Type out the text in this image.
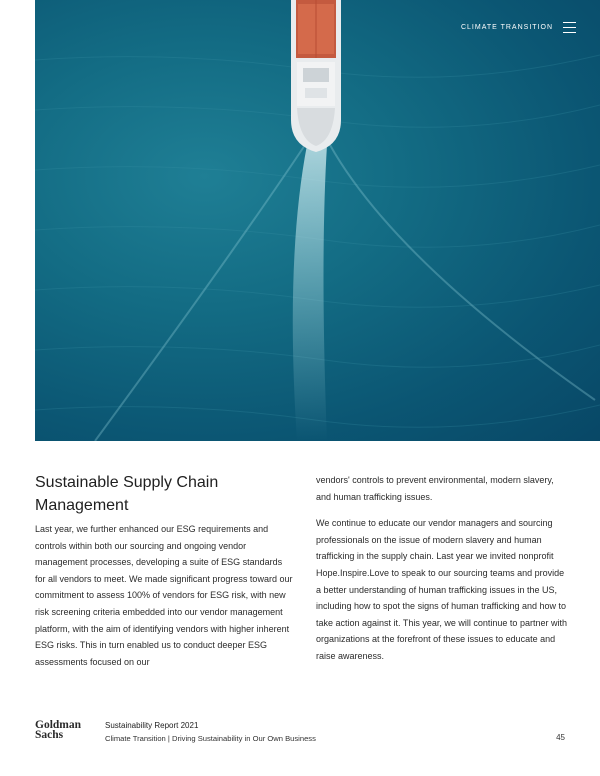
CLIMATE TRANSITION
Sustainable Supply Chain Management

Last year, we further enhanced our ESG requirements and controls within both our sourcing and ongoing vendor management processes, developing a suite of ESG standards for all vendors to meet. We made significant progress toward our commitment to assess 100% of vendors for ESG risk, with new risk screening criteria embedded into our vendor management platform, with the aim of identifying vendors with higher inherent ESG risks. This in turn enabled us to conduct deeper ESG assessments focused on our

vendors' controls to prevent environmental, modern slavery, and human trafficking issues.

We continue to educate our vendor managers and sourcing professionals on the issue of modern slavery and human trafficking in the supply chain. Last year we invited nonprofit Hope.Inspire.Love to speak to our sourcing teams and provide a better understanding of human trafficking issues in the US, including how to spot the signs of human trafficking and how to take action against it. This year, we will continue to partner with organizations at the forefront of these issues to educate and raise awareness.

Goldman
Sachs
Sustainability Report 2021
Climate Transition | Driving Sustainability in Our Own Business	45
